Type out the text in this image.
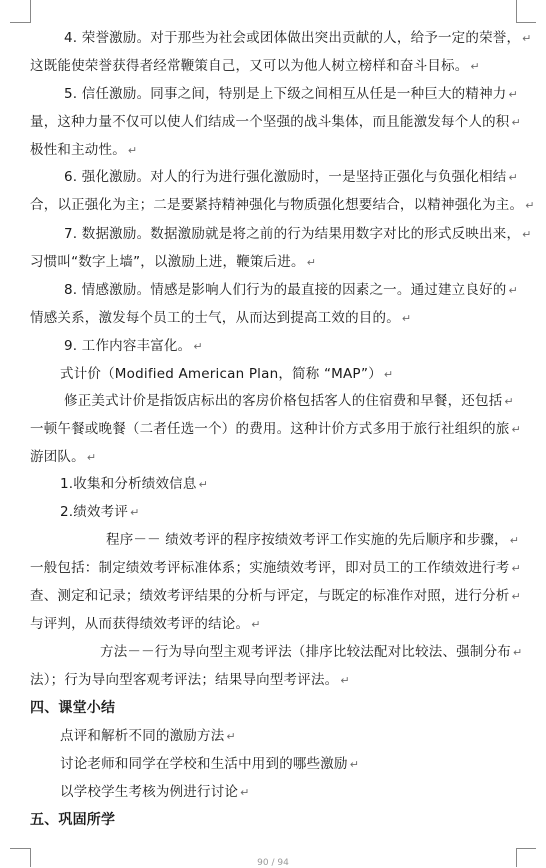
4. 荣誉激励。对于那些为社会或团体做出突出贡献的人，给予一定的荣誉， ↵
这既能使荣誉获得者经常鞭策自己，又可以为他人树立榜样和奋斗目标。 ↵
5. 信任激励。同事之间，特别是上下级之间相互从任是一种巨大的精神力 ↵
量，这种力量不仅可以使人们结成一个坚强的战斗集体，而且能激发每个人的积 ↵
极性和主动性。 ↵
6. 强化激励。对人的行为进行强化激励时，一是坚持正强化与负强化相结 ↵
合，以正强化为主；二是要紧持精神强化与物质强化想要结合，以精神强化为主。 ↵
7. 数据激励。数据激励就是将之前的行为结果用数字对比的形式反映出来， ↵
习惯叫“数字上墙”，以激励上进，鞭策后进。 ↵
8. 情感激励。情感是影响人们行为的最直接的因素之一。通过建立良好的 ↵
情感关系，激发每个员工的士气，从而达到提高工效的目的。 ↵
9. 工作内容丰富化。 ↵
式计价（Modified American Plan，简称 “MAP”） ↵
修正美式计价是指饭店标出的客房价格包括客人的住宿费和早餐，还包括 ↵
一顿午餐或晚餐（二者任选一个）的费用。这种计价方式多用于旅行社组织的旅 ↵
游团队。 ↵
1.收集和分析绩效信息 ↵
2.绩效考评 ↵
程序－－ 绩效考评的程序按绩效考评工作实施的先后顺序和步骤， ↵
一般包括：制定绩效考评标准体系；实施绩效考评，即对员工的工作绩效进行考 ↵
查、测定和记录；绩效考评结果的分析与评定，与既定的标准作对照，进行分析 ↵
与评判，从而获得绩效考评的结论。 ↵
方法－－行为导向型主观考评法（排序比较法配对比较法、强制分布 ↵
法）；行为导向型客观考评法；结果导向型考评法。 ↵
四、课堂小结
点评和解析不同的激励方法 ↵
讨论老师和同学在学校和生活中用到的哪些激励 ↵
以学校学生考核为例进行讨论 ↵
五、巩固所学
90 / 94
